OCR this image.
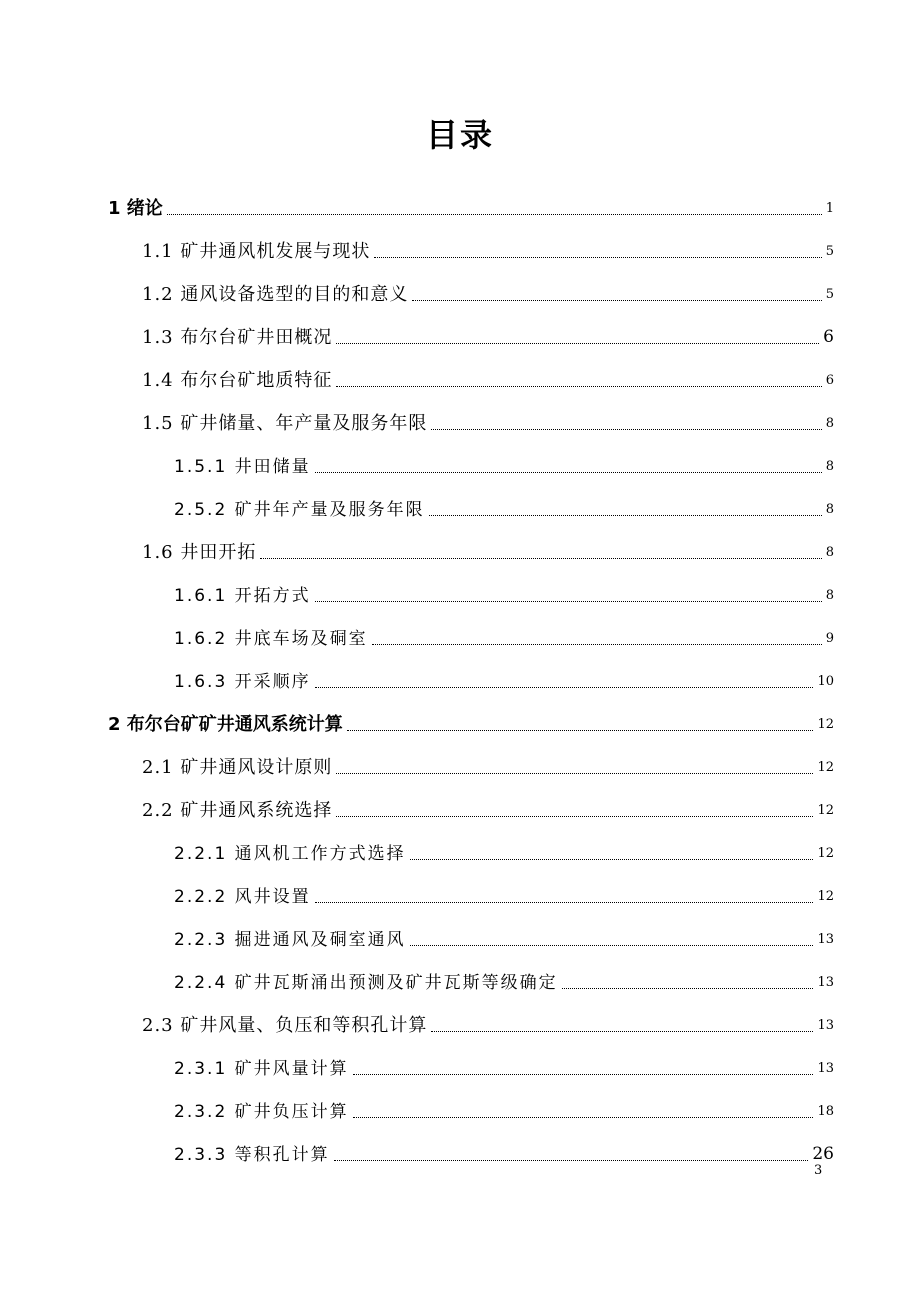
目录
1 绪论	1
1.1 矿井通风机发展与现状	5
1.2 通风设备选型的目的和意义	5
1.3 布尔台矿井田概况	6
1.4 布尔台矿地质特征	6
1.5 矿井储量、年产量及服务年限	8
1.5.1 井田储量	8
2.5.2 矿井年产量及服务年限	8
1.6 井田开拓	8
1.6.1 开拓方式	8
1.6.2 井底车场及硐室	9
1.6.3 开采顺序	10
2 布尔台矿矿井通风系统计算	12
2.1 矿井通风设计原则	12
2.2 矿井通风系统选择	12
2.2.1 通风机工作方式选择	12
2.2.2 风井设置	12
2.2.3 掘进通风及硐室通风	13
2.2.4 矿井瓦斯涌出预测及矿井瓦斯等级确定	13
2.3 矿井风量、负压和等积孔计算	13
2.3.1 矿井风量计算	13
2.3.2 矿井负压计算	18
2.3.3 等积孔计算	26
3
